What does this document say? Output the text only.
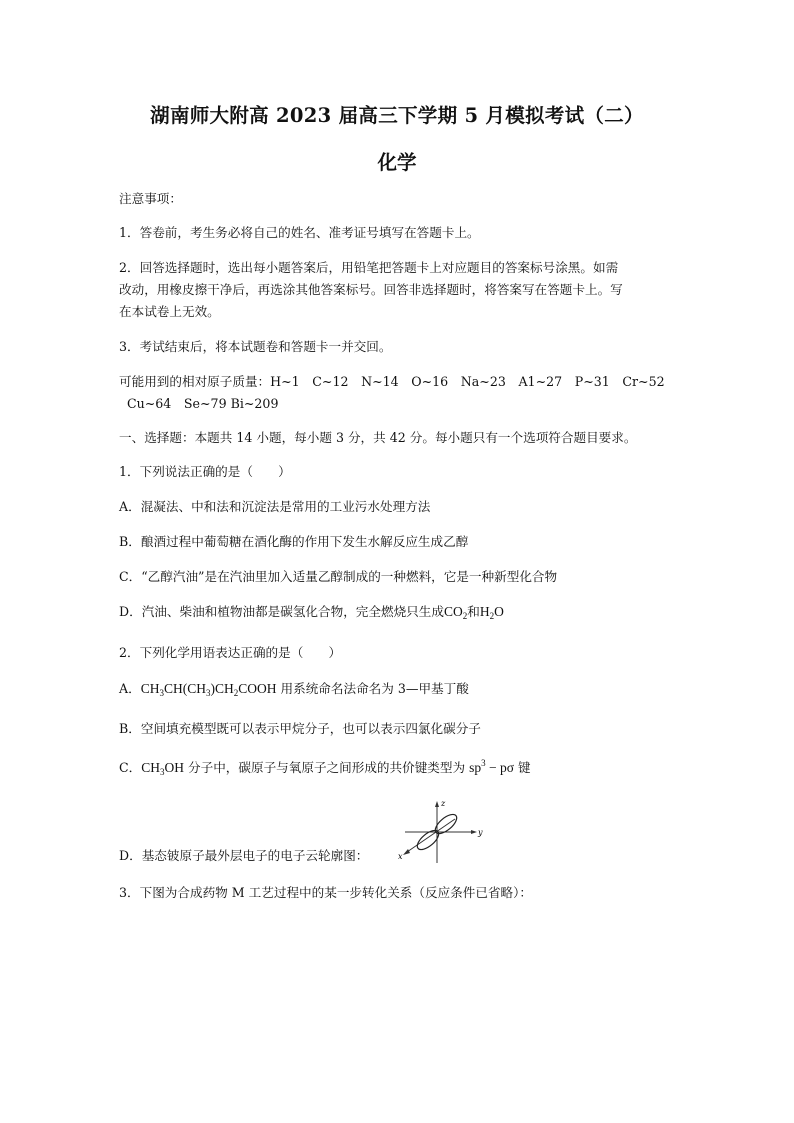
湖南师大附高 2023 届高三下学期 5 月模拟考试（二）
化学
注意事项：
1．答卷前，考生务必将自己的姓名、准考证号填写在答题卡上。
2．回答选择题时，选出每小题答案后，用铅笔把答题卡上对应题目的答案标号涂黑。如需
改动，用橡皮擦干净后，再选涂其他答案标号。回答非选择题时，将答案写在答题卡上。写
在本试卷上无效。
3．考试结束后，将本试题卷和答题卡一并交回。
可能用到的相对原子质量：H~1　C~12　N~14　O~16　Na~23　A1~27　P~31　Cr~52
Cu~64　Se~79 Bi~209
一、选择题：本题共 14 小题，每小题 3 分，共 42 分。每小题只有一个选项符合题目要求。
1．下列说法正确的是（　　）
A．混凝法、中和法和沉淀法是常用的工业污水处理方法
B．酿酒过程中葡萄糖在酒化酶的作用下发生水解反应生成乙醇
C．“乙醇汽油”是在汽油里加入适量乙醇制成的一种燃料，它是一种新型化合物
D．汽油、柴油和植物油都是碳氢化合物，完全燃烧只生成$CO_2$和$H_2O$
2．下列化学用语表达正确的是（　　）
A．$CH_3CH(CH_3)CH_2COOH$ 用系统命名法命名为 3—甲基丁酸
B．空间填充模型既可以表示甲烷分子，也可以表示四氯化碳分子
C．$CH_3OH$ 分子中，碳原子与氧原子之间形成的共价键类型为 $sp^3 - p\sigma$ 键
D．基态铍原子最外层电子的电子云轮廓图：
z
y
x
3．下图为合成药物 M 工艺过程中的某一步转化关系（反应条件已省略）：
